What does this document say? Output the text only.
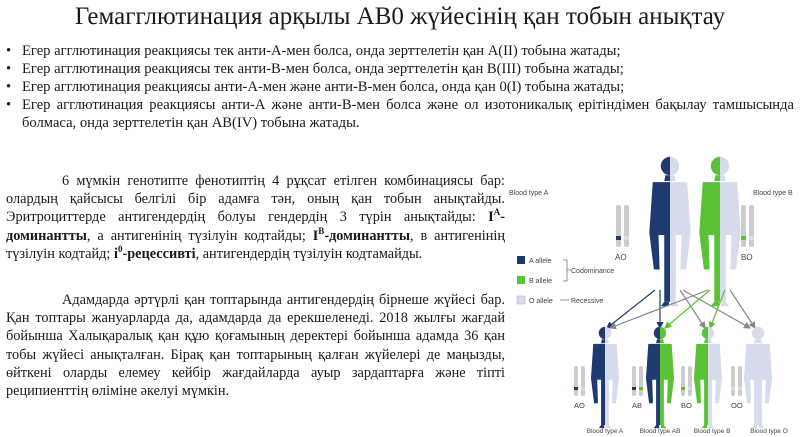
Гемагглютинация арқылы АВ0 жүйесінің қан тобын анықтау
• Егер агглютинация реакциясы тек анти-А-мен болса, онда зерттелетін қан А(II) тобына жатады;
• Егер агглютинация реакциясы тек анти-В-мен болса, онда зерттелетін қан В(III) тобына жатады;
• Егер агглютинация реакциясы анти-А-мен және анти-В-мен болса, онда қан 0(I) тобына жатады;
• Егер агглютинация реакциясы анти-А және анти-В-мен болса және ол изотоникалық ерітіндімен бақылау тамшысында болмаса, онда зерттелетін қан АВ(IV) тобына жатады.

6 мүмкін генотипте фенотиптің 4 рұқсат етілген комбинациясы бар: олардың қайсысы белгілі бір адамға тән, оның қан тобын анықтайды. Эритроциттерде антигендердің болуы гендердің 3 түрін анықтайды: $I^A$-доминантты, а антигенінің түзілуін кодтайды; $I^B$-доминантты, в антигенінің түзілуін кодтайд; $i^0$-рецессивті, антигендердің түзілуін кодтамайды.

Адамдарда әртүрлі қан топтарында антигендердің бірнеше жүйесі бар. Қан топтары жануарларда да, адамдарда да ерекшеленеді. 2018 жылғы жағдай бойынша Халықаралық қан құю қоғамының деректері бойынша адамда 36 қан тобы жүйесі анықталған. Бірақ қан топтарының қалған жүйелері де маңызды, өйткені оларды елемеу кейбір жағдайларда ауыр зардаптарға және тіпті реципиенттің өліміне әкелуі мүмкін.

Blood type A	Blood type B
AO	BO
A allele
B allele
Codominance
O allele	Recessive
AO	AB	BO	OO
Blood type A	Blood type AB Blood type B	Blood type O
